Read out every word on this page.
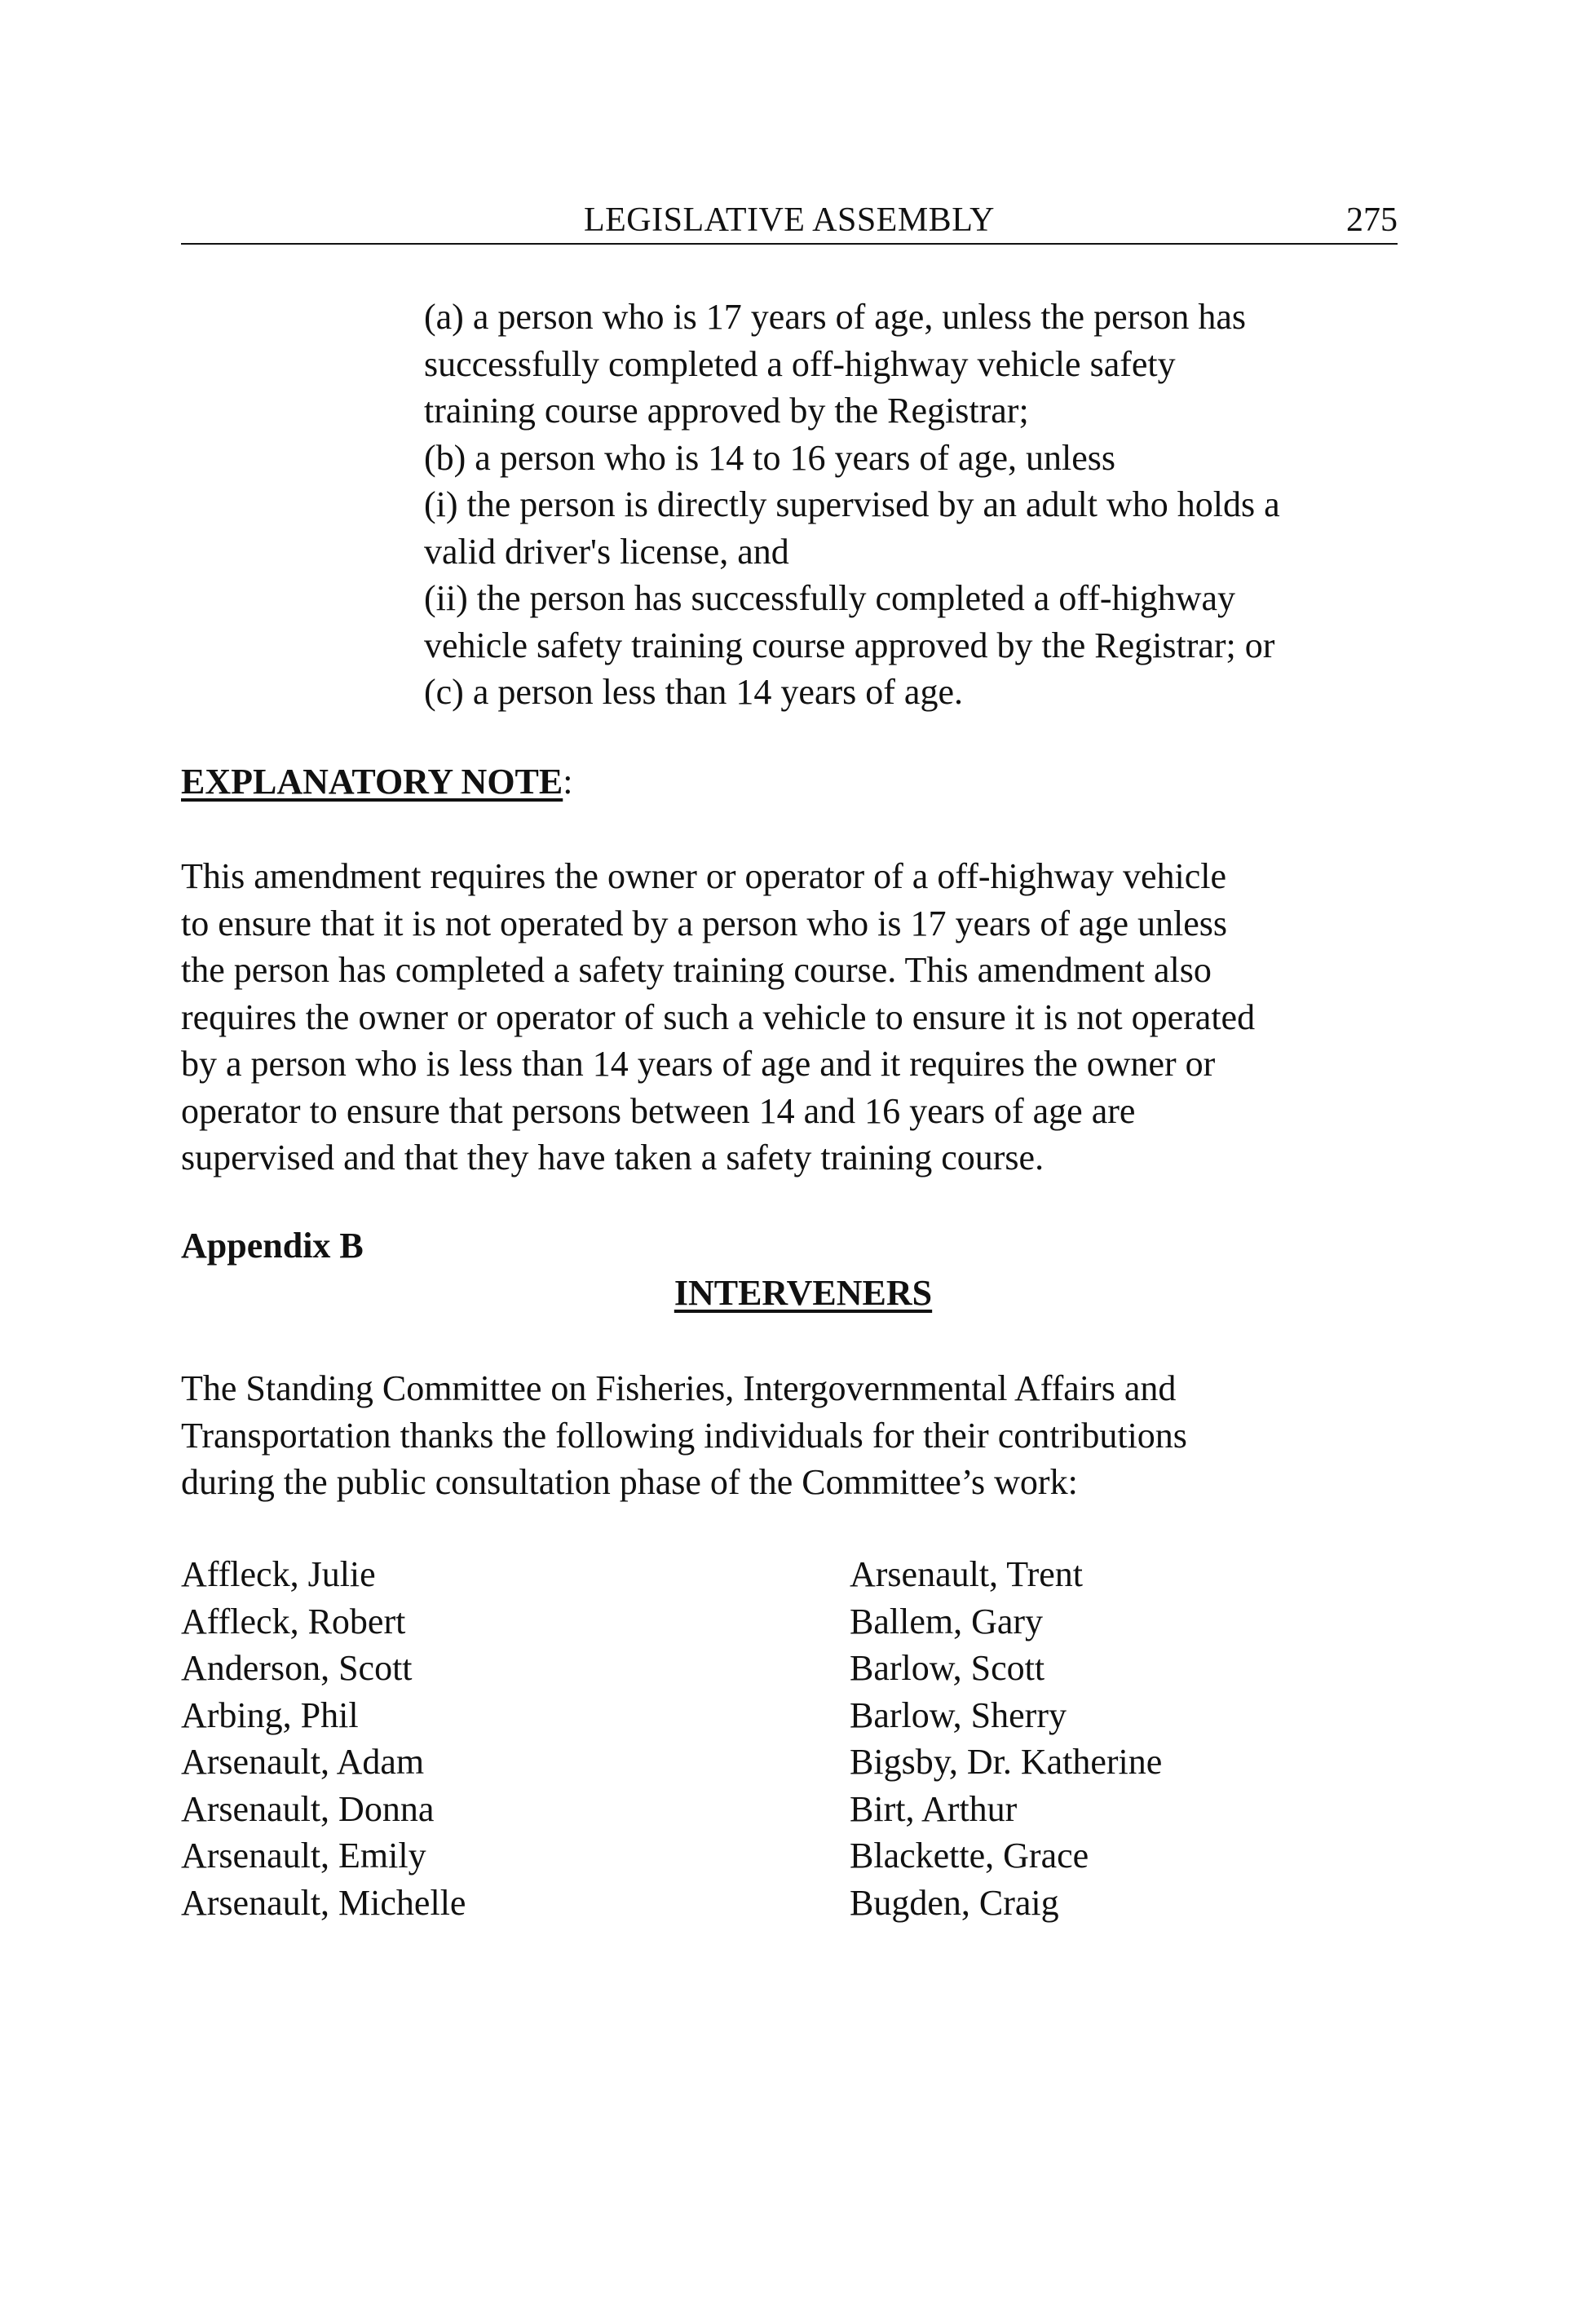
LEGISLATIVE ASSEMBLY	275
(a) a person who is 17 years of age, unless the person has
successfully completed a off-highway vehicle safety
training course approved by the Registrar;
(b) a person who is 14 to 16 years of age, unless
(i) the person is directly supervised by an adult who holds a
valid driver's license, and
(ii) the person has successfully completed a off-highway
vehicle safety training course approved by the Registrar; or
(c) a person less than 14 years of age.
EXPLANATORY NOTE:
This amendment requires the owner or operator of a off-highway vehicle
to ensure that it is not operated by a person who is 17 years of age unless
the person has completed a safety training course. This amendment also
requires the owner or operator of such a vehicle to ensure it is not operated
by a person who is less than 14 years of age and it requires the owner or
operator to ensure that persons between 14 and 16 years of age are
supervised and that they have taken a safety training course.
Appendix B
INTERVENERS
The Standing Committee on Fisheries, Intergovernmental Affairs and
Transportation thanks the following individuals for their contributions
during the public consultation phase of the Committee’s work:
Affleck, Julie
Affleck, Robert
Anderson, Scott
Arbing, Phil
Arsenault, Adam
Arsenault, Donna
Arsenault, Emily
Arsenault, Michelle
Arsenault, Trent
Ballem, Gary
Barlow, Scott
Barlow, Sherry
Bigsby, Dr. Katherine
Birt, Arthur
Blackette, Grace
Bugden, Craig
